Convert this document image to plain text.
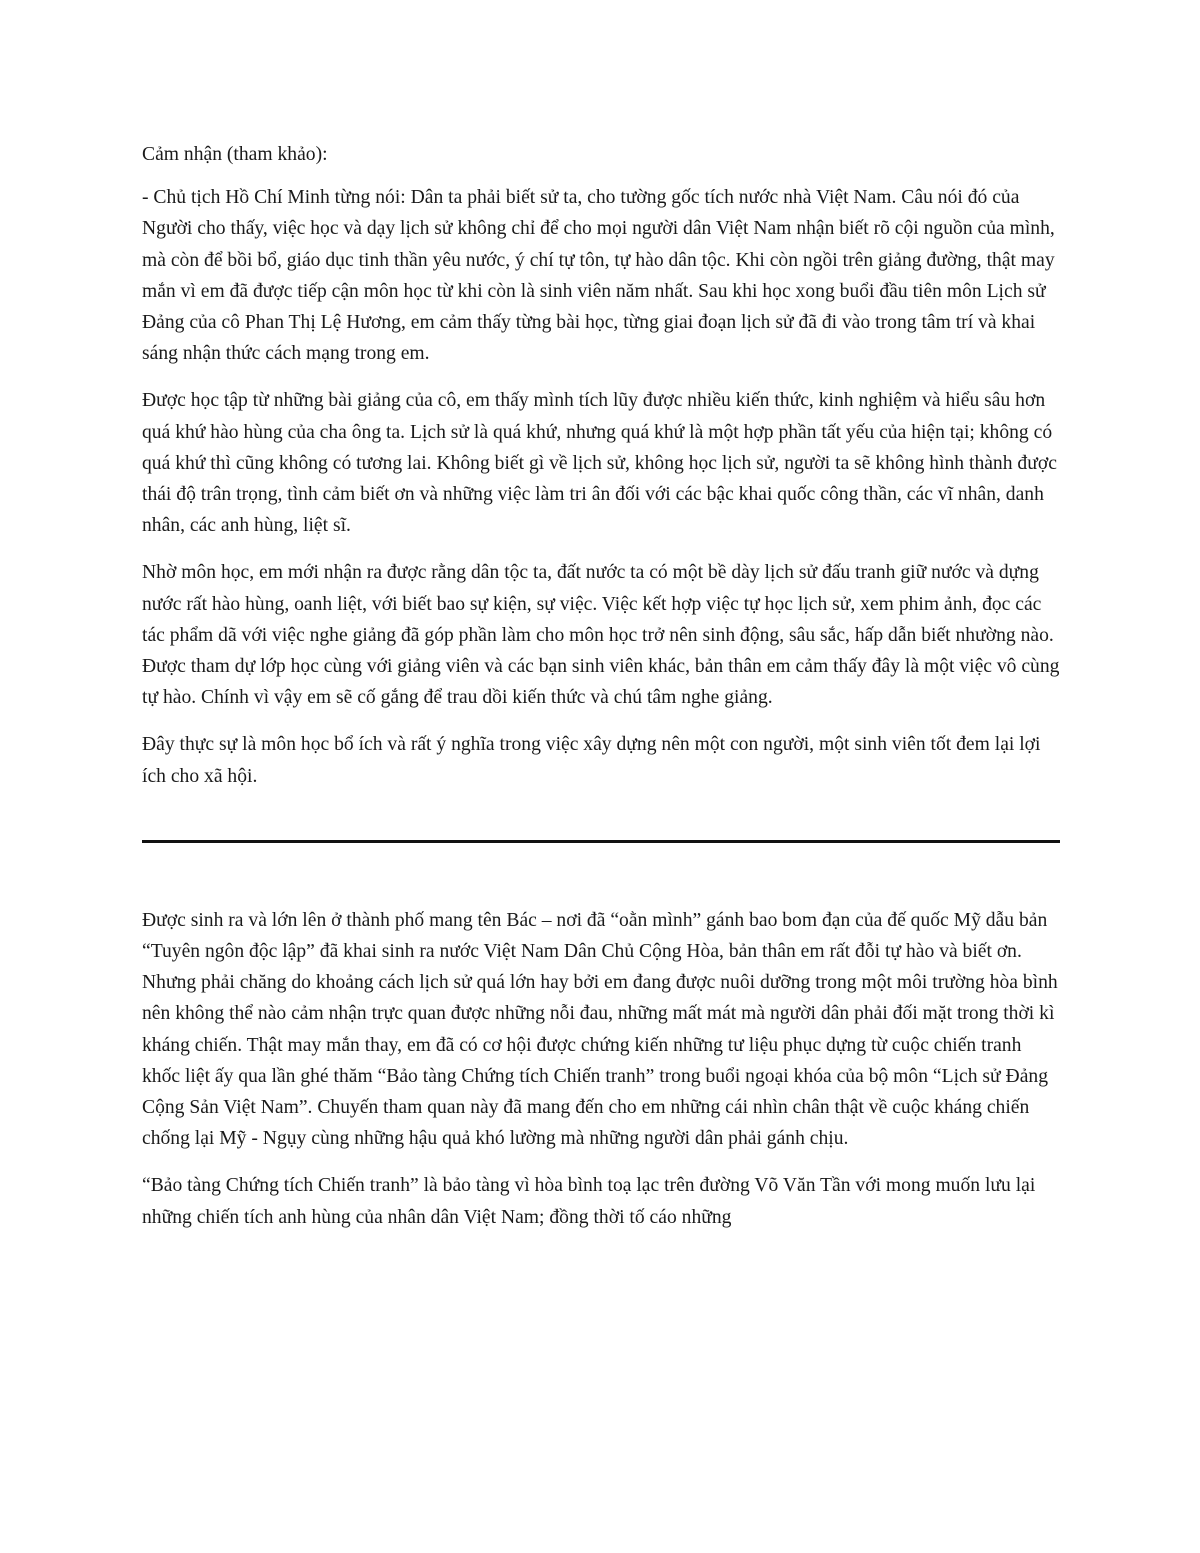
Cảm nhận (tham khảo):

- Chủ tịch Hồ Chí Minh từng nói: Dân ta phải biết sử ta, cho tường gốc tích nước nhà Việt Nam. Câu nói đó của Người cho thấy, việc học và dạy lịch sử không chỉ để cho mọi người dân Việt Nam nhận biết rõ cội nguồn của mình, mà còn để bồi bổ, giáo dục tinh thần yêu nước, ý chí tự tôn, tự hào dân tộc. Khi còn ngồi trên giảng đường, thật may mắn vì em đã được tiếp cận môn học từ khi còn là sinh viên năm nhất. Sau khi học xong buổi đầu tiên môn Lịch sử Đảng của cô Phan Thị Lệ Hương, em cảm thấy từng bài học, từng giai đoạn lịch sử đã đi vào trong tâm trí và khai sáng nhận thức cách mạng trong em.

Được học tập từ những bài giảng của cô, em thấy mình tích lũy được nhiều kiến thức, kinh nghiệm và hiểu sâu hơn quá khứ hào hùng của cha ông ta. Lịch sử là quá khứ, nhưng quá khứ là một hợp phần tất yếu của hiện tại; không có quá khứ thì cũng không có tương lai. Không biết gì về lịch sử, không học lịch sử, người ta sẽ không hình thành được thái độ trân trọng, tình cảm biết ơn và những việc làm tri ân đối với các bậc khai quốc công thần, các vĩ nhân, danh nhân, các anh hùng, liệt sĩ.

Nhờ môn học, em mới nhận ra được rằng dân tộc ta, đất nước ta có một bề dày lịch sử đấu tranh giữ nước và dựng nước rất hào hùng, oanh liệt, với biết bao sự kiện, sự việc. Việc kết hợp việc tự học lịch sử, xem phim ảnh, đọc các tác phẩm dã với việc nghe giảng đã góp phần làm cho môn học trở nên sinh động, sâu sắc, hấp dẫn biết nhường nào. Được tham dự lớp học cùng với giảng viên và các bạn sinh viên khác, bản thân em cảm thấy đây là một việc vô cùng tự hào. Chính vì vậy em sẽ cố gắng để trau dồi kiến thức và chú tâm nghe giảng.

Đây thực sự là môn học bổ ích và rất ý nghĩa trong việc xây dựng nên một con người, một sinh viên tốt đem lại lợi ích cho xã hội.

Được sinh ra và lớn lên ở thành phố mang tên Bác – nơi đã “oằn mình” gánh bao bom đạn của đế quốc Mỹ dẫu bản “Tuyên ngôn độc lập” đã khai sinh ra nước Việt Nam Dân Chủ Cộng Hòa, bản thân em rất đỗi tự hào và biết ơn. Nhưng phải chăng do khoảng cách lịch sử quá lớn hay bởi em đang được nuôi dưỡng trong một môi trường hòa bình nên không thể nào cảm nhận trực quan được những nỗi đau, những mất mát mà người dân phải đối mặt trong thời kì kháng chiến. Thật may mắn thay, em đã có cơ hội được chứng kiến những tư liệu phục dựng từ cuộc chiến tranh khốc liệt ấy qua lần ghé thăm “Bảo tàng Chứng tích Chiến tranh” trong buổi ngoại khóa của bộ môn “Lịch sử Đảng Cộng Sản Việt Nam”. Chuyến tham quan này đã mang đến cho em những cái nhìn chân thật về cuộc kháng chiến chống lại Mỹ - Ngụy cùng những hậu quả khó lường mà những người dân phải gánh chịu.

“Bảo tàng Chứng tích Chiến tranh” là bảo tàng vì hòa bình toạ lạc trên đường Võ Văn Tần với mong muốn lưu lại những chiến tích anh hùng của nhân dân Việt Nam; đồng thời tố cáo những
